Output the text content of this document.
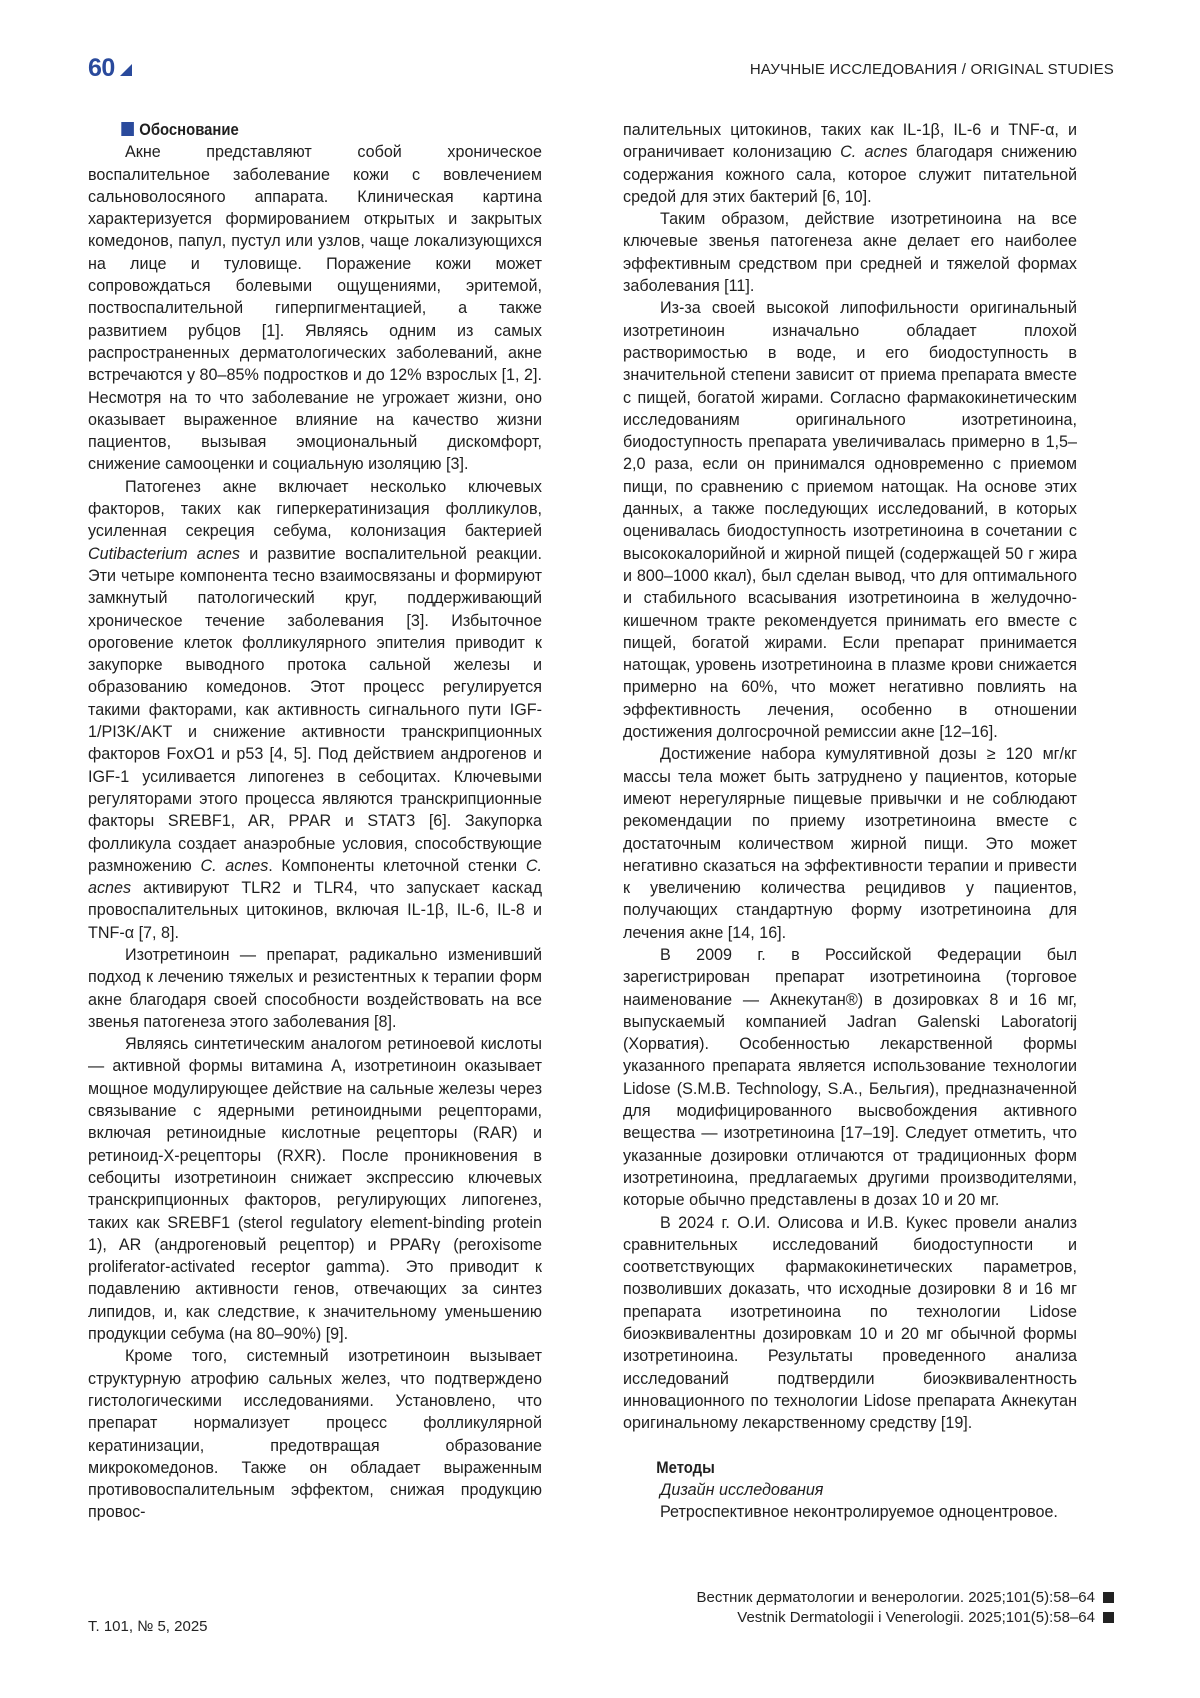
60	НАУЧНЫЕ ИССЛЕДОВАНИЯ / ORIGINAL STUDIES
Обоснование

Акне представляют собой хроническое воспалительное заболевание кожи с вовлечением сальноволосяного аппарата. Клиническая картина характеризуется формированием открытых и закрытых комедонов, папул, пустул или узлов, чаще локализующихся на лице и туловище. Поражение кожи может сопровождаться болевыми ощущениями, эритемой, поствоспалительной гиперпигментацией, а также развитием рубцов [1]. Являясь одним из самых распространенных дерматологических заболеваний, акне встречаются у 80–85% подростков и до 12% взрослых [1, 2]. Несмотря на то что заболевание не угрожает жизни, оно оказывает выраженное влияние на качество жизни пациентов, вызывая эмоциональный дискомфорт, снижение самооценки и социальную изоляцию [3].

Патогенез акне включает несколько ключевых факторов, таких как гиперкератинизация фолликулов, усиленная секреция себума, колонизация бактерией Cutibacterium acnes и развитие воспалительной реакции. Эти четыре компонента тесно взаимосвязаны и формируют замкнутый патологический круг, поддерживающий хроническое течение заболевания [3]. Избыточное ороговение клеток фолликулярного эпителия приводит к закупорке выводного протока сальной железы и образованию комедонов. Этот процесс регулируется такими факторами, как активность сигнального пути IGF-1/PI3K/AKT и снижение активности транскрипционных факторов FoxO1 и p53 [4, 5]. Под действием андрогенов и IGF-1 усиливается липогенез в себоцитах. Ключевыми регуляторами этого процесса являются транскрипционные факторы SREBF1, AR, PPAR и STAT3 [6]. Закупорка фолликула создает анаэробные условия, способствующие размножению C. acnes. Компоненты клеточной стенки C. acnes активируют TLR2 и TLR4, что запускает каскад провоспалительных цитокинов, включая IL-1β, IL-6, IL-8 и TNF-α [7, 8].

Изотретиноин — препарат, радикально изменивший подход к лечению тяжелых и резистентных к терапии форм акне благодаря своей способности воздействовать на все звенья патогенеза этого заболевания [8].

Являясь синтетическим аналогом ретиноевой кислоты — активной формы витамина А, изотретиноин оказывает мощное модулирующее действие на сальные железы через связывание с ядерными ретиноидными рецепторами, включая ретиноидные кислотные рецепторы (RAR) и ретиноид-X-рецепторы (RXR). После проникновения в себоциты изотретиноин снижает экспрессию ключевых транскрипционных факторов, регулирующих липогенез, таких как SREBF1 (sterol regulatory element-binding protein 1), AR (андрогеновый рецептор) и PPARγ (peroxisome proliferator-activated receptor gamma). Это приводит к подавлению активности генов, отвечающих за синтез липидов, и, как следствие, к значительному уменьшению продукции себума (на 80–90%) [9].

Кроме того, системный изотретиноин вызывает структурную атрофию сальных желез, что подтверждено гистологическими исследованиями. Установлено, что препарат нормализует процесс фолликулярной кератинизации, предотвращая образование микрокомедонов. Также он обладает выраженным противовоспалительным эффектом, снижая продукцию провос-

палительных цитокинов, таких как IL-1β, IL-6 и TNF-α, и ограничивает колонизацию C. acnes благодаря снижению содержания кожного сала, которое служит питательной средой для этих бактерий [6, 10].

Таким образом, действие изотретиноина на все ключевые звенья патогенеза акне делает его наиболее эффективным средством при средней и тяжелой формах заболевания [11].

Из-за своей высокой липофильности оригинальный изотретиноин изначально обладает плохой растворимостью в воде, и его биодоступность в значительной степени зависит от приема препарата вместе с пищей, богатой жирами. Согласно фармакокинетическим исследованиям оригинального изотретиноина, биодоступность препарата увеличивалась примерно в 1,5–2,0 раза, если он принимался одновременно с приемом пищи, по сравнению с приемом натощак. На основе этих данных, а также последующих исследований, в которых оценивалась биодоступность изотретиноина в сочетании с высококалорийной и жирной пищей (содержащей 50 г жира и 800–1000 ккал), был сделан вывод, что для оптимального и стабильного всасывания изотретиноина в желудочно-кишечном тракте рекомендуется принимать его вместе с пищей, богатой жирами. Если препарат принимается натощак, уровень изотретиноина в плазме крови снижается примерно на 60%, что может негативно повлиять на эффективность лечения, особенно в отношении достижения долгосрочной ремиссии акне [12–16].

Достижение набора кумулятивной дозы ≥ 120 мг/кг массы тела может быть затруднено у пациентов, которые имеют нерегулярные пищевые привычки и не соблюдают рекомендации по приему изотретиноина вместе с достаточным количеством жирной пищи. Это может негативно сказаться на эффективности терапии и привести к увеличению количества рецидивов у пациентов, получающих стандартную форму изотретиноина для лечения акне [14, 16].

В 2009 г. в Российской Федерации был зарегистрирован препарат изотретиноина (торговое наименование — Акнекутан®) в дозировках 8 и 16 мг, выпускаемый компанией Jadran Galenski Laboratorij (Хорватия). Особенностью лекарственной формы указанного препарата является использование технологии Lidose (S.M.B. Technology, S.A., Бельгия), предназначенной для модифицированного высвобождения активного вещества — изотретиноина [17–19]. Следует отметить, что указанные дозировки отличаются от традиционных форм изотретиноина, предлагаемых другими производителями, которые обычно представлены в дозах 10 и 20 мг.

В 2024 г. О.И. Олисова и И.В. Кукес провели анализ сравнительных исследований биодоступности и соответствующих фармакокинетических параметров, позволивших доказать, что исходные дозировки 8 и 16 мг препарата изотретиноина по технологии Lidose биоэквивалентны дозировкам 10 и 20 мг обычной формы изотретиноина. Результаты проведенного анализа исследований подтвердили биоэквивалентность инновационного по технологии Lidose препарата Акнекутан оригинальному лекарственному средству [19].

Методы
Дизайн исследования

Ретроспективное неконтролируемое одноцентровое.

Т. 101, № 5, 2025
Вестник дерматологии и венерологии. 2025;101(5):58–64
Vestnik Dermatologii i Venerologii. 2025;101(5):58–64
